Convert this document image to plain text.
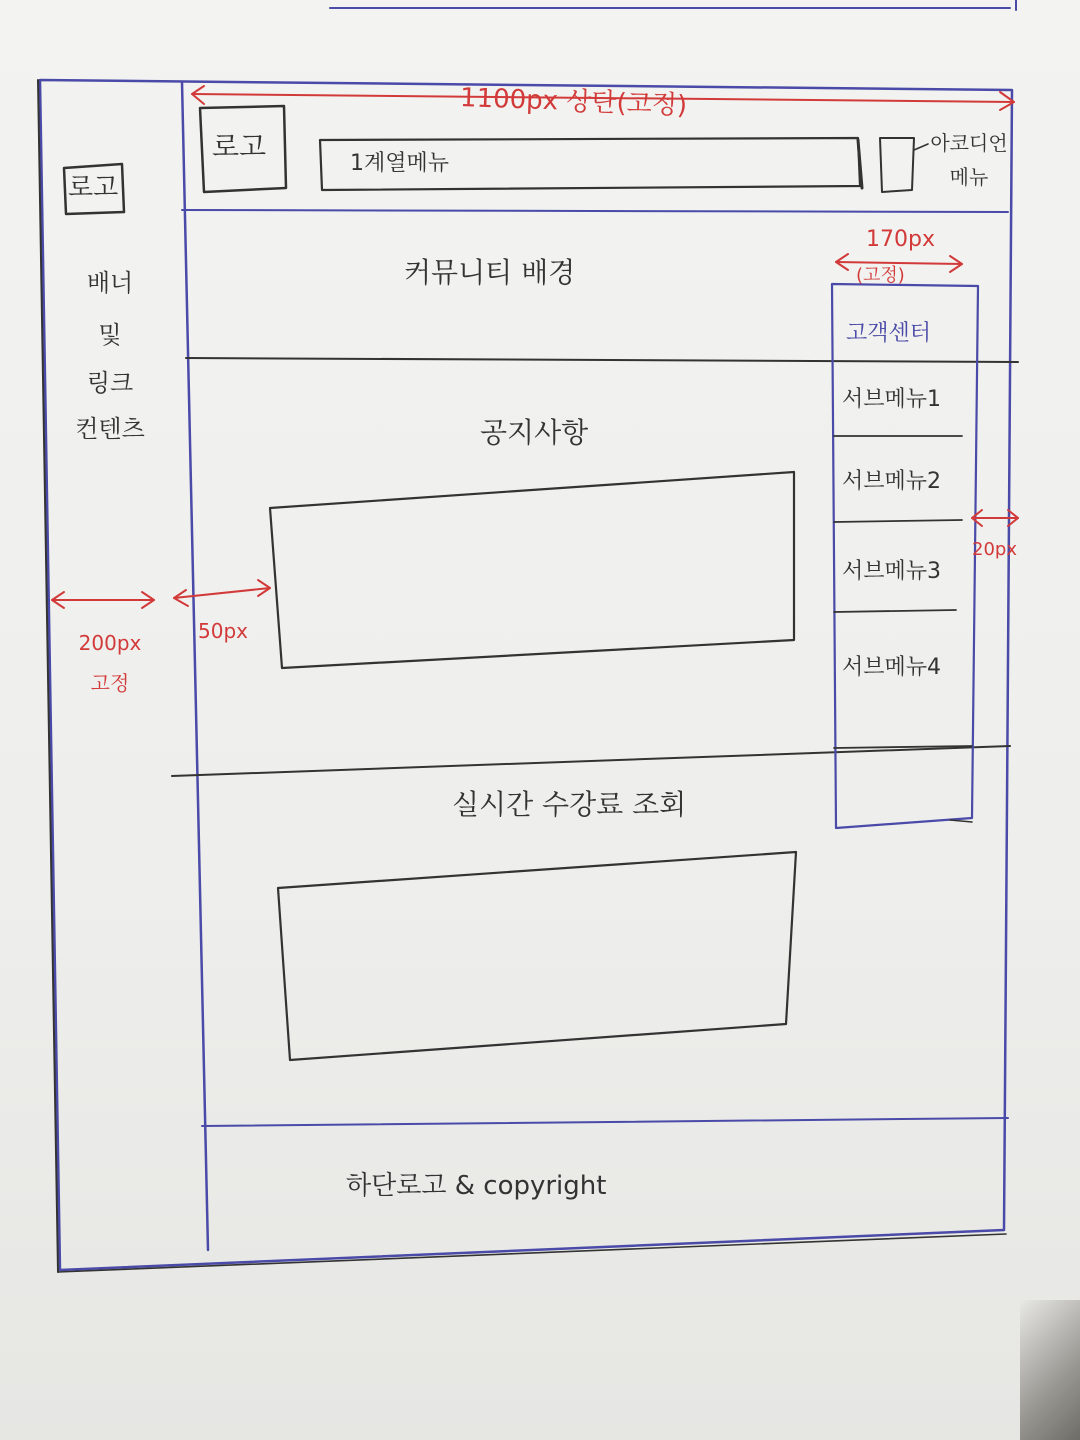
로고
배너
및
링크
컨텐츠
200px
고정
1100px 상단(고정)
로고
1계열메뉴
아코디언
메뉴
커뮤니티 배경
공지사항
실시간 수강료 조회
50px
170px
(고정)
고객센터
서브메뉴1
서브메뉴2
서브메뉴3
서브메뉴4
20px
하단로고 & copyright
